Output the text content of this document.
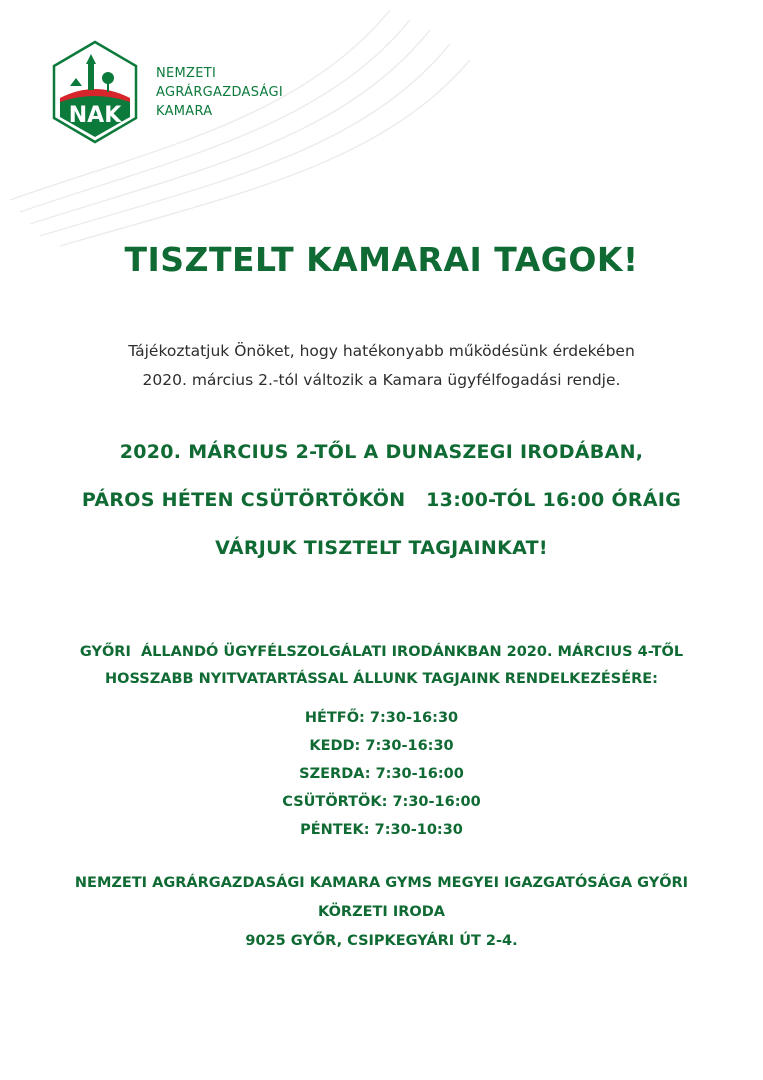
NAK
NEMZETI
AGRÁRGAZDASÁGI
KAMARA
TISZTELT KAMARAI TAGOK!
Tájékoztatjuk Önöket, hogy hatékonyabb működésünk érdekében
2020. március 2.-tól változik a Kamara ügyfélfogadási rendje.
2020. MÁRCIUS 2-TŐL A DUNASZEGI IRODÁBAN,
PÁROS HÉTEN CSÜTÖRTÖKÖN   13:00-TÓL 16:00 ÓRÁIG
VÁRJUK TISZTELT TAGJAINKAT!
GYŐRI  ÁLLANDÓ ÜGYFÉLSZOLGÁLATI IRODÁNKBAN 2020. MÁRCIUS 4-TŐL
HOSSZABB NYITVATARTÁSSAL ÁLLUNK TAGJAINK RENDELKEZÉSÉRE:
HÉTFŐ: 7:30-16:30
KEDD: 7:30-16:30
SZERDA: 7:30-16:00
CSÜTÖRTÖK: 7:30-16:00
PÉNTEK: 7:30-10:30
NEMZETI AGRÁRGAZDASÁGI KAMARA GYMS MEGYEI IGAZGATÓSÁGA GYŐRI
KÖRZETI IRODA
9025 GYŐR, CSIPKEGYÁRI ÚT 2-4.
